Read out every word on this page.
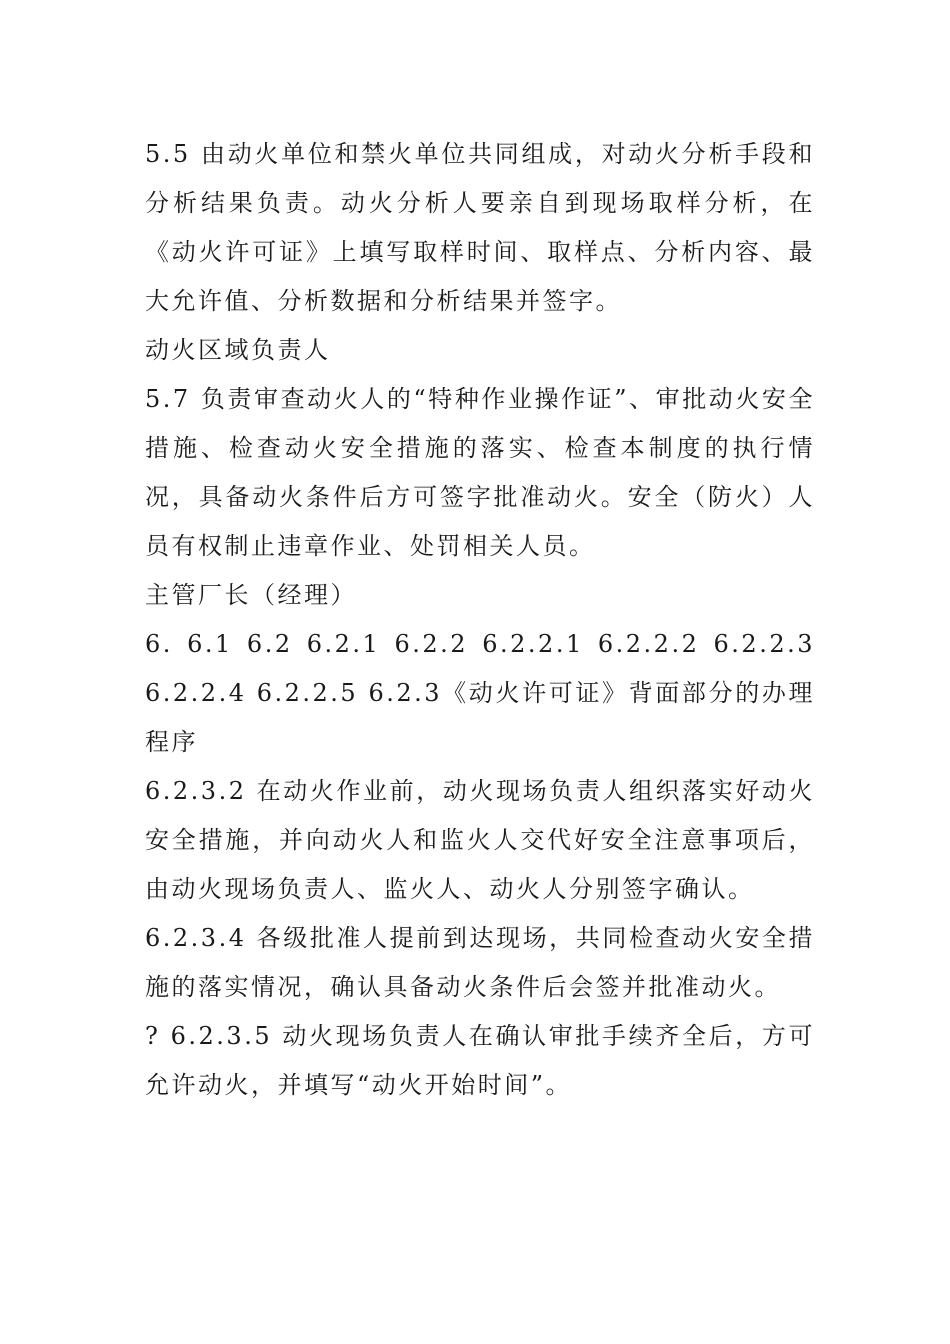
5.5 由动火单位和禁火单位共同组成，对动火分析手段和分析结果负责。动火分析人要亲自到现场取样分析，在《动火许可证》上填写取样时间、取样点、分析内容、最大允许值、分析数据和分析结果并签字。

动火区域负责人

5.7 负责审查动火人的“特种作业操作证”、审批动火安全措施、检查动火安全措施的落实、检查本制度的执行情况，具备动火条件后方可签字批准动火。安全（防火）人员有权制止违章作业、处罚相关人员。

主管厂长（经理）

6. 6.1 6.2 6.2.1 6.2.2 6.2.2.1 6.2.2.2 6.2.2.3 6.2.2.4 6.2.2.5 6.2.3《动火许可证》背面部分的办理程序

6.2.3.2 在动火作业前，动火现场负责人组织落实好动火安全措施，并向动火人和监火人交代好安全注意事项后，由动火现场负责人、监火人、动火人分别签字确认。

6.2.3.4 各级批准人提前到达现场，共同检查动火安全措施的落实情况，确认具备动火条件后会签并批准动火。

? 6.2.3.5 动火现场负责人在确认审批手续齐全后，方可允许动火，并填写“动火开始时间”。
